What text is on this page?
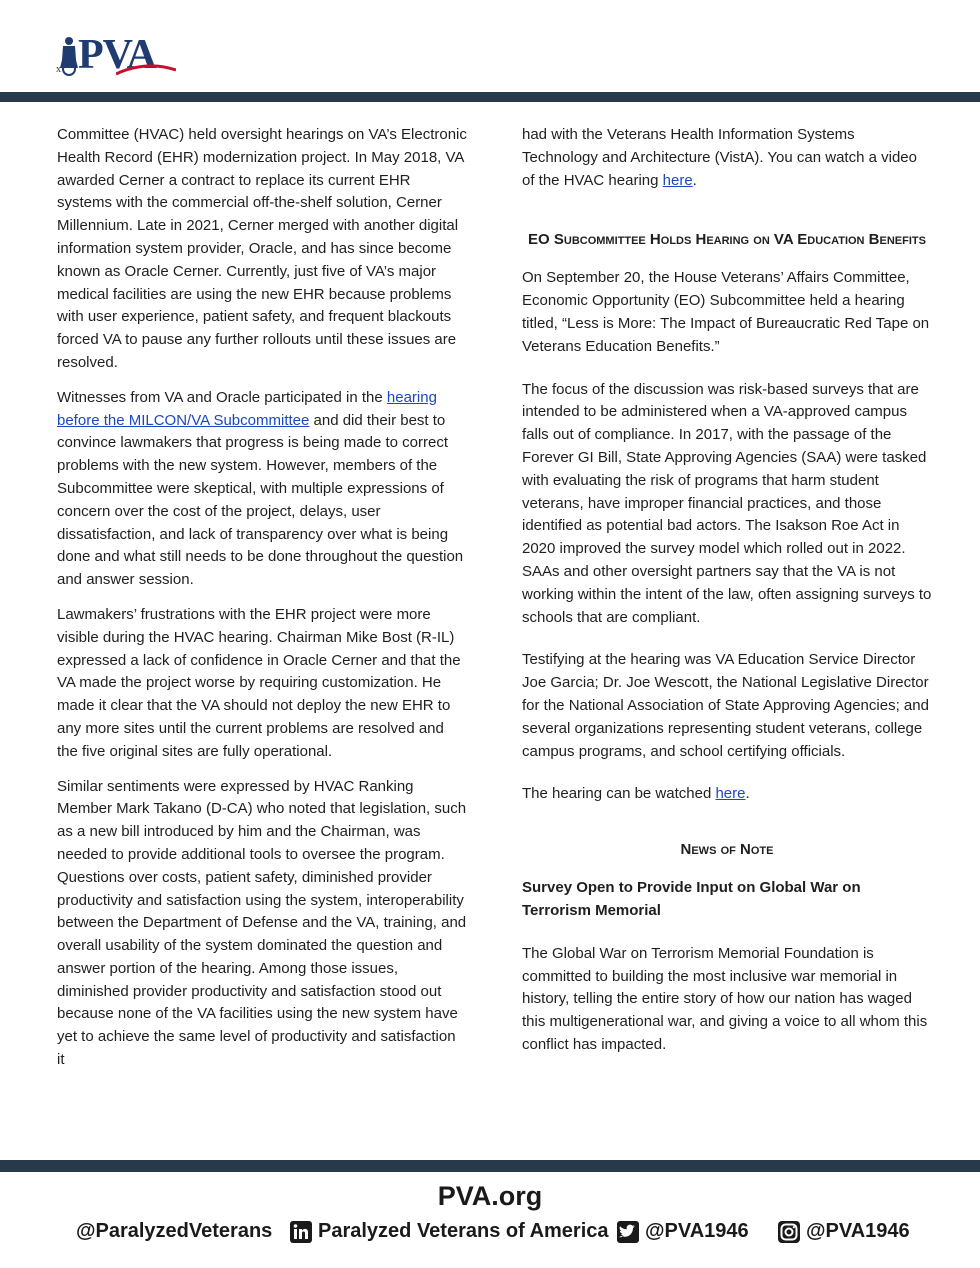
x PVA

Committee (HVAC) held oversight hearings on VA’s Electronic Health Record (EHR) modernization project. In May 2018, VA awarded Cerner a contract to replace its current EHR systems with the commercial off-the-shelf solution, Cerner Millennium. Late in 2021, Cerner merged with another digital information system provider, Oracle, and has since become known as Oracle Cerner. Currently, just five of VA’s major medical facilities are using the new EHR because problems with user experience, patient safety, and frequent blackouts forced VA to pause any further rollouts until these issues are resolved.

Witnesses from VA and Oracle participated in the hearing before the MILCON/VA Subcommittee and did their best to convince lawmakers that progress is being made to correct problems with the new system. However, members of the Subcommittee were skeptical, with multiple expressions of concern over the cost of the project, delays, user dissatisfaction, and lack of transparency over what is being done and what still needs to be done throughout the question and answer session.

Lawmakers’ frustrations with the EHR project were more visible during the HVAC hearing. Chairman Mike Bost (R-IL) expressed a lack of confidence in Oracle Cerner and that the VA made the project worse by requiring customization. He made it clear that the VA should not deploy the new EHR to any more sites until the current problems are resolved and the five original sites are fully operational.

Similar sentiments were expressed by HVAC Ranking Member Mark Takano (D-CA) who noted that legislation, such as a new bill introduced by him and the Chairman, was needed to provide additional tools to oversee the program. Questions over costs, patient safety, diminished provider productivity and satisfaction using the system, interoperability between the Department of Defense and the VA, training, and overall usability of the system dominated the question and answer portion of the hearing. Among those issues, diminished provider productivity and satisfaction stood out because none of the VA facilities using the new system have yet to achieve the same level of productivity and satisfaction it

had with the Veterans Health Information Systems Technology and Architecture (VistA). You can watch a video of the HVAC hearing here.

EO Subcommittee Holds Hearing on VA Education Benefits

On September 20, the House Veterans’ Affairs Committee, Economic Opportunity (EO) Subcommittee held a hearing titled, “Less is More: The Impact of Bureaucratic Red Tape on Veterans Education Benefits.”

The focus of the discussion was risk-based surveys that are intended to be administered when a VA-approved campus falls out of compliance. In 2017, with the passage of the Forever GI Bill, State Approving Agencies (SAA) were tasked with evaluating the risk of programs that harm student veterans, have improper financial practices, and those identified as potential bad actors. The Isakson Roe Act in 2020 improved the survey model which rolled out in 2022. SAAs and other oversight partners say that the VA is not working within the intent of the law, often assigning surveys to schools that are compliant.

Testifying at the hearing was VA Education Service Director Joe Garcia; Dr. Joe Wescott, the National Legislative Director for the National Association of State Approving Agencies; and several organizations representing student veterans, college campus programs, and school certifying officials.

The hearing can be watched here.

News of Note

Survey Open to Provide Input on Global War on Terrorism Memorial

The Global War on Terrorism Memorial Foundation is committed to building the most inclusive war memorial in history, telling the entire story of how our nation has waged this multigenerational war, and giving a voice to all whom this conflict has impacted.

PVA.org
@ParalyzedVeterans Paralyzed Veterans of America @PVA1946	@PVA1946
